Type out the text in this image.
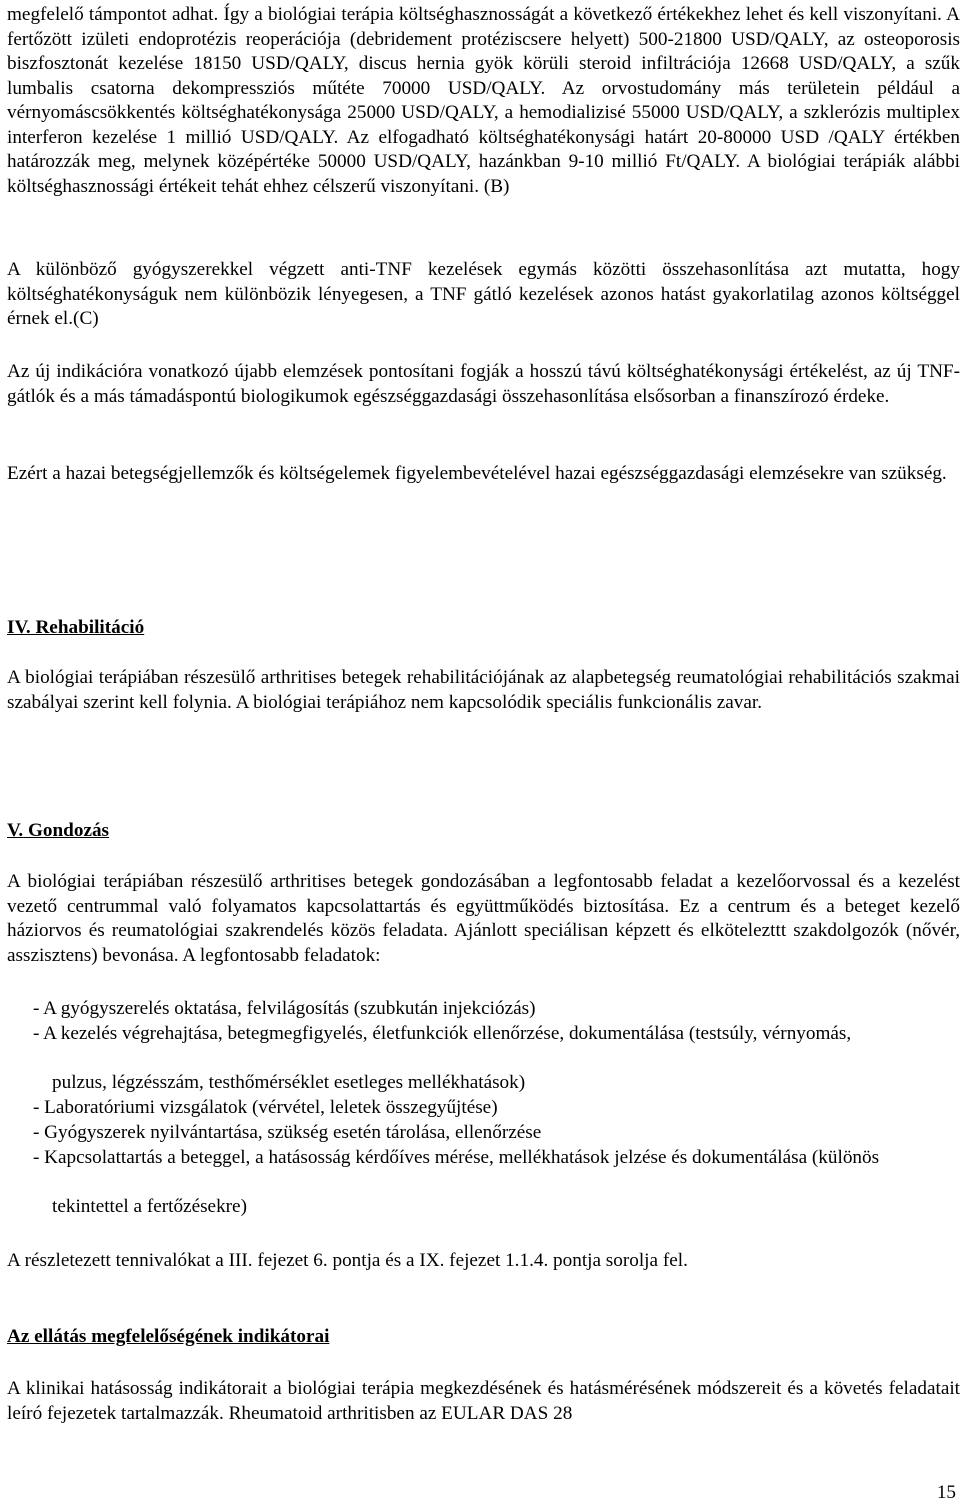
megfelelő támpontot adhat. Így a biológiai terápia költséghasznosságát a következő értékekhez lehet és kell viszonyítani. A fertőzött izületi endoprotézis reoperációja (debridement protéziscsere helyett) 500-21800 USD/QALY, az osteoporosis biszfosztonát kezelése 18150 USD/QALY, discus hernia gyök körüli steroid infiltrációja 12668 USD/QALY, a szűk lumbalis csatorna dekompressziós műtéte 70000 USD/QALY. Az orvostudomány más területein például a vérnyomáscsökkentés költséghatékonysága 25000 USD/QALY, a hemodializisé 55000 USD/QALY, a szklerózis multiplex interferon kezelése 1 millió USD/QALY. Az elfogadható költséghatékonysági határt 20-80000 USD /QALY értékben határozzák meg, melynek középértéke 50000 USD/QALY, hazánkban 9-10 millió Ft/QALY. A biológiai terápiák alábbi költséghasznossági értékeit tehát ehhez célszerű viszonyítani. (B)

A különböző gyógyszerekkel végzett anti-TNF kezelések egymás közötti összehasonlítása azt mutatta, hogy költséghatékonyságuk nem különbözik lényegesen, a TNF gátló kezelések azonos hatást gyakorlatilag azonos költséggel érnek el.(C)

Az új indikációra vonatkozó újabb elemzések pontosítani fogják a hosszú távú költséghatékonysági értékelést, az új TNF-gátlók és a más támadáspontú biologikumok egészséggazdasági összehasonlítása elsősorban a finanszírozó érdeke.

Ezért a hazai betegségjellemzők és költségelemek figyelembevételével hazai egészséggazdasági elemzésekre van szükség.

IV. Rehabilitáció

A biológiai terápiában részesülő arthritises betegek rehabilitációjának az alapbetegség reumatológiai rehabilitációs szakmai szabályai szerint kell folynia. A biológiai terápiához nem kapcsolódik speciális funkcionális zavar.

V. Gondozás

A biológiai terápiában részesülő arthritises betegek gondozásában a legfontosabb feladat a kezelőorvossal és a kezelést vezető centrummal való folyamatos kapcsolattartás és együttműködés biztosítása. Ez a centrum és a beteget kezelő háziorvos és reumatológiai szakrendelés közös feladata. Ajánlott speciálisan képzett és elkötelezttt szakdolgozók (nővér, asszisztens) bevonása. A legfontosabb feladatok:

- A gyógyszerelés oktatása, felvilágosítás (szubkután injekciózás)

- A kezelés végrehajtása, betegmegfigyelés, életfunkciók ellenőrzése, dokumentálása (testsúly, vérnyomás,

pulzus, légzésszám, testhőmérséklet esetleges mellékhatások)

- Laboratóriumi vizsgálatok (vérvétel, leletek összegyűjtése)

- Gyógyszerek nyilvántartása, szükség esetén tárolása, ellenőrzése

- Kapcsolattartás a beteggel, a hatásosság kérdőíves mérése, mellékhatások jelzése és dokumentálása (különös

tekintettel a fertőzésekre)

A részletezett tennivalókat a III. fejezet 6. pontja és a IX. fejezet 1.1.4. pontja sorolja fel.

Az ellátás megfelelőségének indikátorai

A klinikai hatásosság indikátorait a biológiai terápia megkezdésének és hatásmérésének módszereit és a követés feladatait leíró fejezetek tartalmazzák. Rheumatoid arthritisben az EULAR DAS 28

15
